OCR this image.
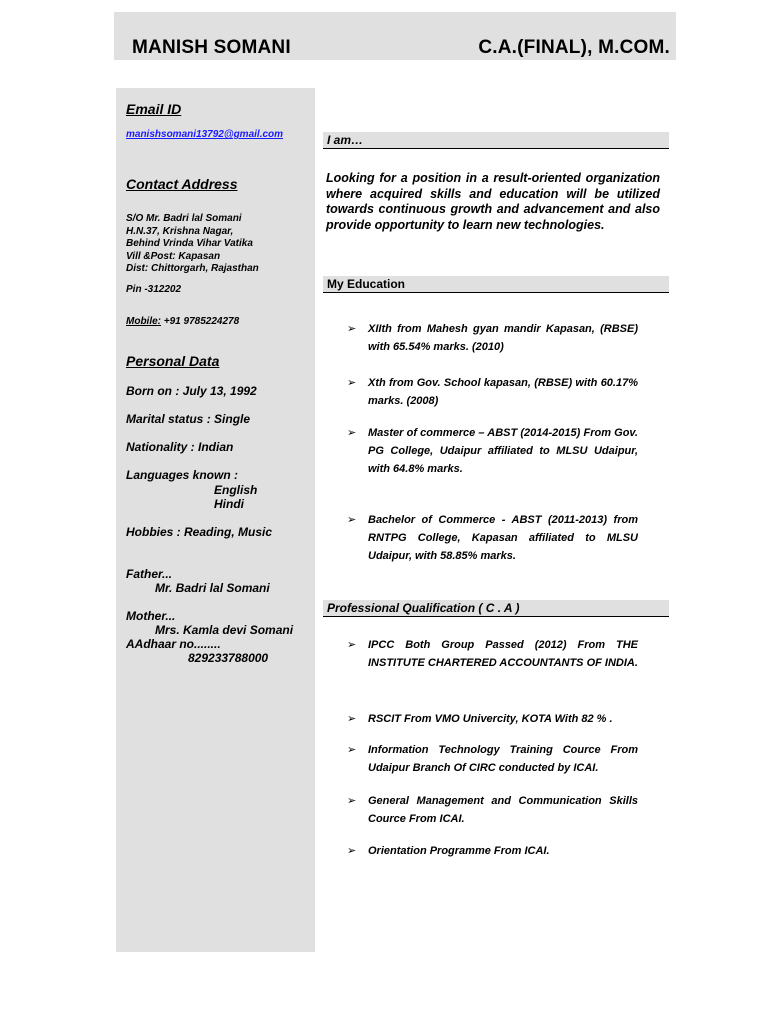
MANISH SOMANI	C.A.(FINAL), M.COM.
Email ID
manishsomani13792@gmail.com
Contact Address
S/O Mr. Badri lal Somani
H.N.37, Krishna Nagar,
Behind Vrinda Vihar Vatika
Vill &Post: Kapasan
Dist: Chittorgarh, Rajasthan
Pin -312202
Mobile: +91 9785224278
Personal Data
Born on : July 13, 1992
Marital status : Single
Nationality : Indian
Languages known :
English
Hindi
Hobbies : Reading, Music
Father...
Mr. Badri lal Somani
Mother...
Mrs. Kamla devi Somani
AAdhaar no........
829233788000
I am…
Looking for a position in a result-oriented organization where acquired skills and education will be utilized towards continuous growth and advancement and also provide opportunity to learn new technologies.
My Education
➢ XIIth from Mahesh gyan mandir Kapasan, (RBSE) with 65.54% marks. (2010)
➢ Xth from Gov. School kapasan, (RBSE) with 60.17% marks. (2008)
➢ Master of commerce – ABST (2014-2015) From Gov. PG College, Udaipur affiliated to MLSU Udaipur, with 64.8% marks.
➢ Bachelor of Commerce - ABST (2011-2013) from RNTPG College, Kapasan affiliated to MLSU Udaipur, with 58.85% marks.
Professional Qualification ( C . A )
➢ IPCC Both Group Passed (2012) From THE INSTITUTE CHARTERED ACCOUNTANTS OF INDIA.
➢ RSCIT From VMO Univercity, KOTA With 82 % .
➢ Information Technology Training Cource From Udaipur Branch Of CIRC conducted by ICAI.
➢ General Management and Communication Skills Cource From ICAI.
➢ Orientation Programme From ICAI.
